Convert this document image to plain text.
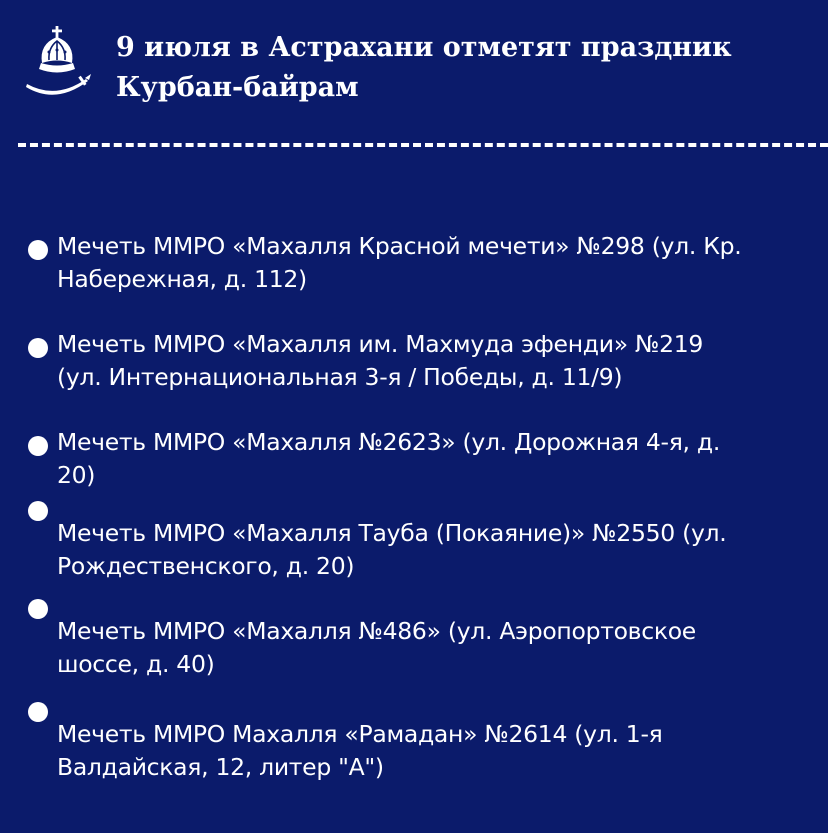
9 июля в Астрахани отметят праздник
Курбан-байрам

Мечеть ММРО «Махалля Красной мечети» №298 (ул. Кр.
Набережная, д. 112)

Мечеть ММРО «Махалля им. Махмуда эфенди» №219
(ул. Интернациональная 3-я / Победы, д. 11/9)

Мечеть ММРО «Махалля №2623» (ул. Дорожная 4-я, д.
20)

Мечеть ММРО «Махалля Тауба (Покаяние)» №2550 (ул.
Рождественского, д. 20)

Мечеть ММРО «Махалля №486» (ул. Аэропортовское
шоссе, д. 40)

Мечеть ММРО Махалля «Рамадан» №2614 (ул. 1-я
Валдайская, 12, литер "А")
